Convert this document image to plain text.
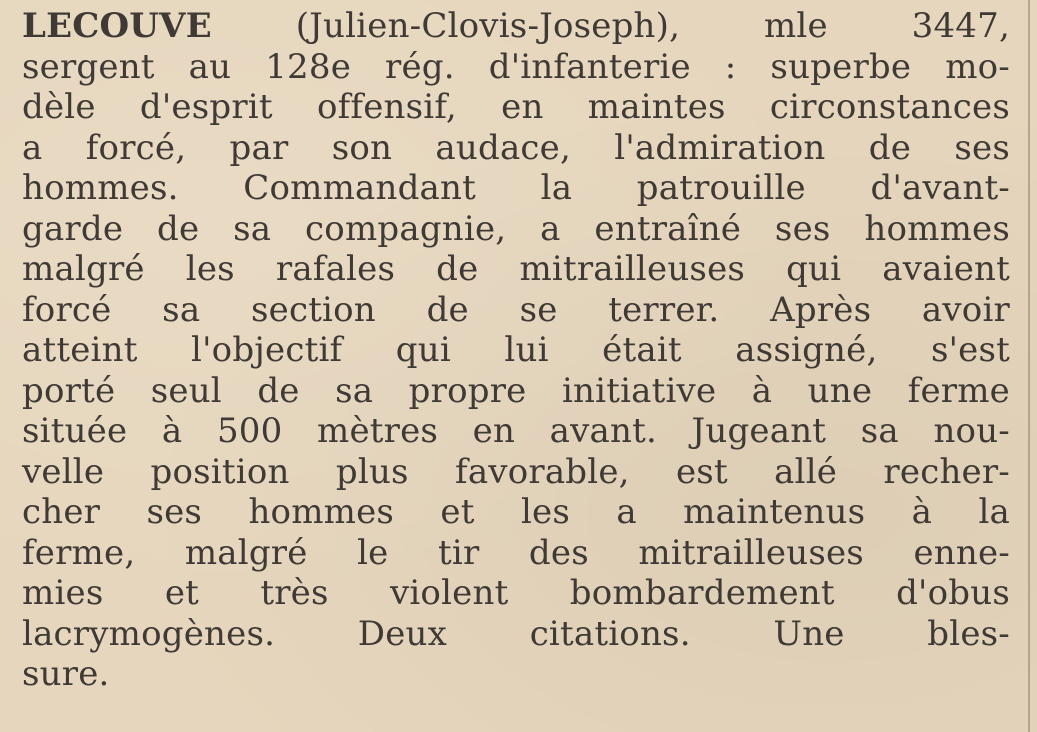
LECOUVE (Julien-Clovis-Joseph), mle 3447,
sergent au 128e rég. d'infanterie : superbe mo-
dèle d'esprit offensif, en maintes circonstances
a forcé, par son audace, l'admiration de ses
hommes. Commandant la patrouille d'avant-
garde de sa compagnie, a entraîné ses hommes
malgré les rafales de mitrailleuses qui avaient
forcé sa section de se terrer. Après avoir
atteint l'objectif qui lui était assigné, s'est
porté seul de sa propre initiative à une ferme
située à 500 mètres en avant. Jugeant sa nou-
velle position plus favorable, est allé recher-
cher ses hommes et les a maintenus à la
ferme, malgré le tir des mitrailleuses enne-
mies et très violent bombardement d'obus
lacrymogènes. Deux citations. Une bles-
sure.
